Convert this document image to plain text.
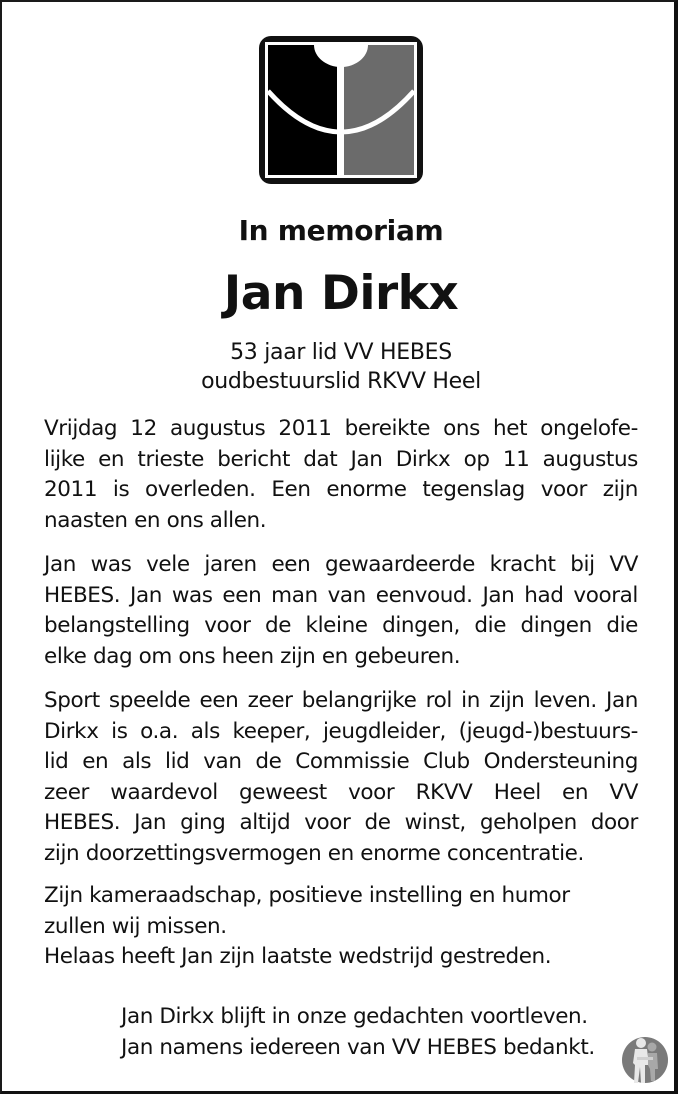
In memoriam
Jan Dirkx
53 jaar lid VV HEBES
oudbestuurslid RKVV Heel
Vrijdag 12 augustus 2011 bereikte ons het ongelofe-
lijke en trieste bericht dat Jan Dirkx op 11 augustus
2011 is overleden. Een enorme tegenslag voor zijn
naasten en ons allen.
Jan was vele jaren een gewaardeerde kracht bij VV
HEBES. Jan was een man van eenvoud. Jan had vooral
belangstelling voor de kleine dingen, die dingen die
elke dag om ons heen zijn en gebeuren.
Sport speelde een zeer belangrijke rol in zijn leven. Jan
Dirkx is o.a. als keeper, jeugdleider, (jeugd-)bestuurs-
lid en als lid van de Commissie Club Ondersteuning
zeer waardevol geweest voor RKVV Heel en VV
HEBES. Jan ging altijd voor de winst, geholpen door
zijn doorzettingsvermogen en enorme concentratie.
Zijn kameraadschap, positieve instelling en humor
zullen wij missen.
Helaas heeft Jan zijn laatste wedstrijd gestreden.
Jan Dirkx blijft in onze gedachten voortleven.
Jan namens iedereen van VV HEBES bedankt.
